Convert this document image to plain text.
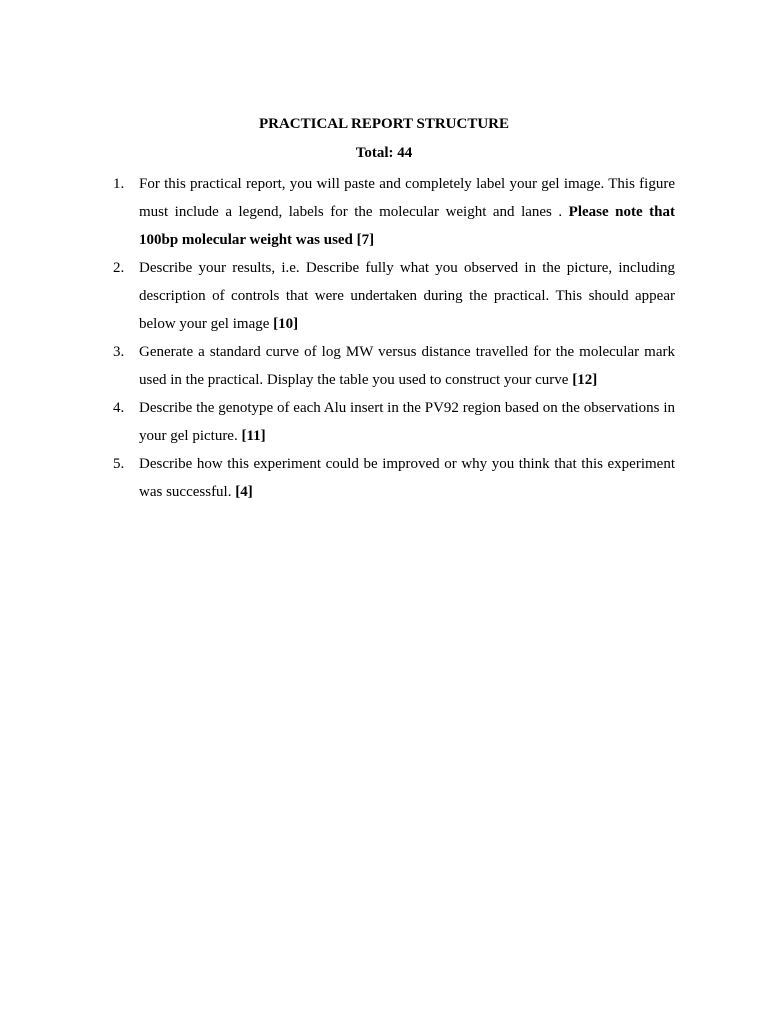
PRACTICAL REPORT STRUCTURE
Total: 44
1. For this practical report, you will paste and completely label your gel image. This figure must include a legend, labels for the molecular weight and lanes . Please note that 100bp molecular weight was used [7]
2. Describe your results, i.e. Describe fully what you observed in the picture, including description of controls that were undertaken during the practical. This should appear below your gel image [10]
3. Generate a standard curve of log MW versus distance travelled for the molecular mark used in the practical. Display the table you used to construct your curve [12]
4. Describe the genotype of each Alu insert in the PV92 region based on the observations in your gel picture. [11]
5. Describe how this experiment could be improved or why you think that this experiment was successful. [4]
